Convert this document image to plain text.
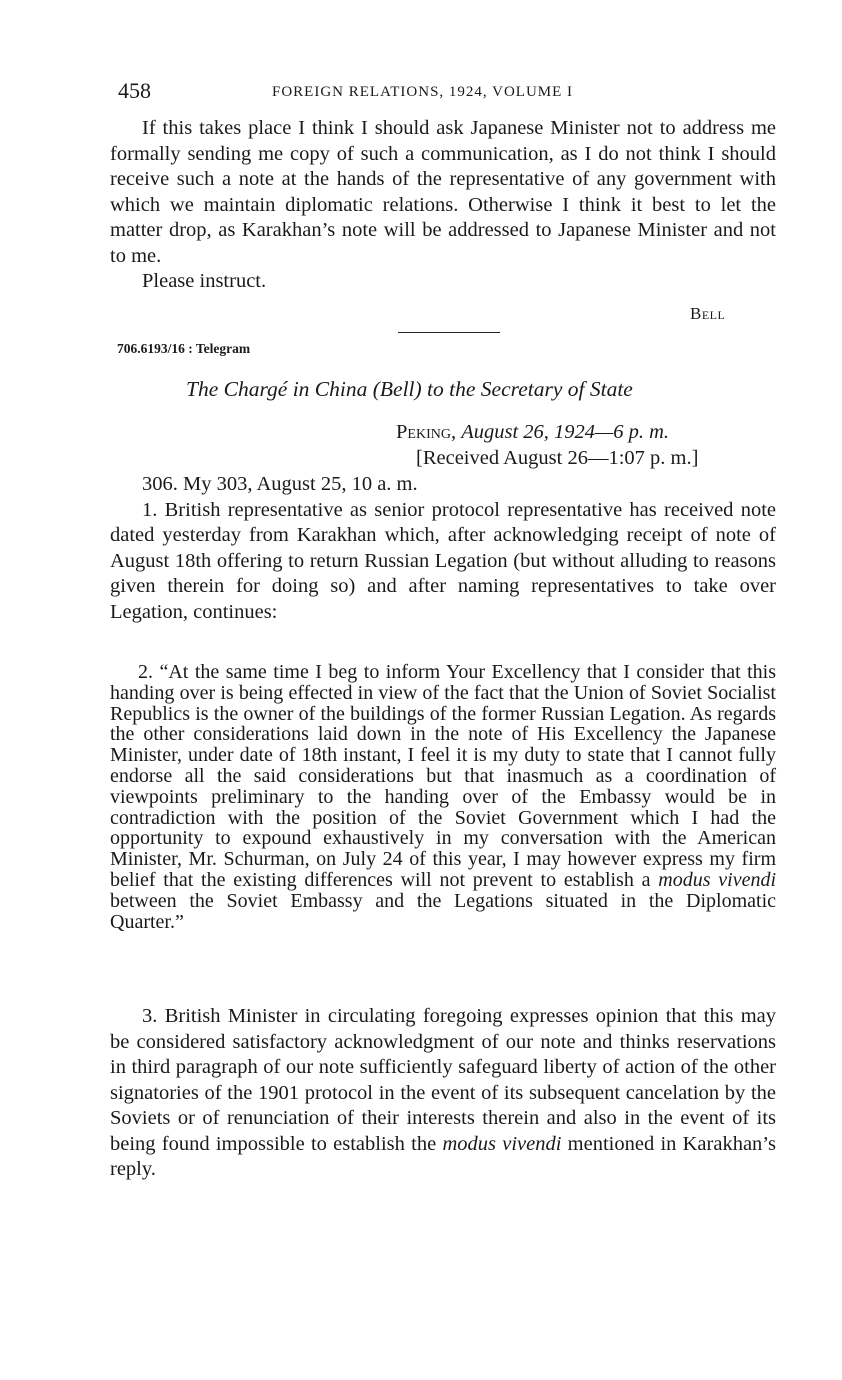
458	FOREIGN RELATIONS, 1924, VOLUME I

If this takes place I think I should ask Japanese Minister not to address me formally sending me copy of such a communication, as I do not think I should receive such a note at the hands of the representative of any government with which we maintain diplomatic relations. Otherwise I think it best to let the matter drop, as Karakhan’s note will be addressed to Japanese Minister and not to me.

Please instruct.

Bell
706.6193/16 : Telegram
The Chargé in China (Bell) to the Secretary of State
Peking, August 26, 1924—6 p. m.
[Received August 26—1:07 p. m.]

306. My 303, August 25, 10 a. m.

1. British representative as senior protocol representative has received note dated yesterday from Karakhan which, after acknowledging receipt of note of August 18th offering to return Russian Legation (but without alluding to reasons given therein for doing so) and after naming representatives to take over Legation, continues:

2. “At the same time I beg to inform Your Excellency that I consider that this handing over is being effected in view of the fact that the Union of Soviet Socialist Republics is the owner of the buildings of the former Russian Legation. As regards the other considerations laid down in the note of His Excellency the Japanese Minister, under date of 18th instant, I feel it is my duty to state that I cannot fully endorse all the said considerations but that inasmuch as a coordination of viewpoints preliminary to the handing over of the Embassy would be in contradiction with the position of the Soviet Government which I had the opportunity to expound exhaustively in my conversation with the American Minister, Mr. Schurman, on July 24 of this year, I may however express my firm belief that the existing differences will not prevent to establish a modus vivendi between the Soviet Embassy and the Legations situated in the Diplomatic Quarter.”

3. British Minister in circulating foregoing expresses opinion that this may be considered satisfactory acknowledgment of our note and thinks reservations in third paragraph of our note sufficiently safeguard liberty of action of the other signatories of the 1901 protocol in the event of its subsequent cancelation by the Soviets or of renunciation of their interests therein and also in the event of its being found impossible to establish the modus vivendi mentioned in Karakhan’s reply.
